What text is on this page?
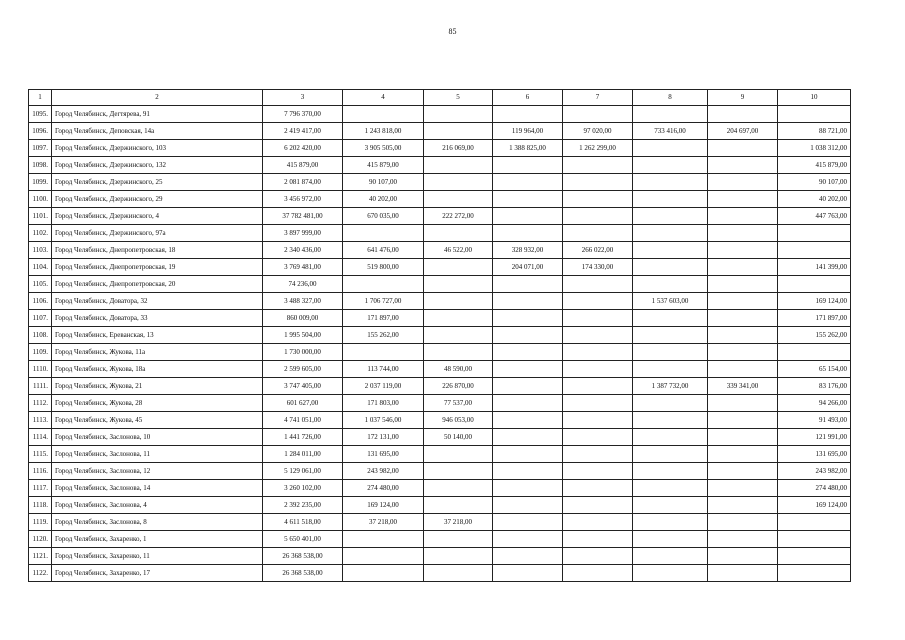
85
1	2	3	4	5	6	7	8	9	10
1095.	Город Челябинск, Дегтярева, 91	7 796 370,00							
1096.	Город Челябинск, Деповская, 14а	2 419 417,00	1 243 818,00		119 964,00	97 020,00	733 416,00	204 697,00	88 721,00
1097.	Город Челябинск, Дзержинского, 103	6 202 420,00	3 905 505,00	216 069,00	1 388 825,00	1 262 299,00			1 038 312,00
1098.	Город Челябинск, Дзержинского, 132	415 879,00	415 879,00						415 879,00
1099.	Город Челябинск, Дзержинского, 25	2 081 874,00	90 107,00						90 107,00
1100.	Город Челябинск, Дзержинского, 29	3 456 972,00	40 202,00						40 202,00
1101.	Город Челябинск, Дзержинского, 4	37 782 481,00	670 035,00	222 272,00					447 763,00
1102.	Город Челябинск, Дзержинского, 97а	3 897 999,00							
1103.	Город Челябинск, Днепропетровская, 18	2 340 436,00	641 476,00	46 522,00	328 932,00	266 022,00			
1104.	Город Челябинск, Днепропетровская, 19	3 769 481,00	519 800,00		204 071,00	174 330,00			141 399,00
1105.	Город Челябинск, Днепропетровская, 20	74 236,00							
1106.	Город Челябинск, Доватора, 32	3 488 327,00	1 706 727,00				1 537 603,00		169 124,00
1107.	Город Челябинск, Доватора, 33	860 009,00	171 897,00						171 897,00
1108.	Город Челябинск, Ереванская, 13	1 995 504,00	155 262,00						155 262,00
1109.	Город Челябинск, Жукова, 11а	1 730 000,00							
1110.	Город Челябинск, Жукова, 18а	2 599 605,00	113 744,00	48 590,00					65 154,00
1111.	Город Челябинск, Жукова, 21	3 747 405,00	2 037 119,00	226 870,00			1 387 732,00	339 341,00	83 176,00
1112.	Город Челябинск, Жукова, 28	601 627,00	171 803,00	77 537,00					94 266,00
1113.	Город Челябинск, Жукова, 45	4 741 051,00	1 037 546,00	946 053,00					91 493,00
1114.	Город Челябинск, Заслонова, 10	1 441 726,00	172 131,00	50 140,00					121 991,00
1115.	Город Челябинск, Заслонова, 11	1 284 011,00	131 695,00						131 695,00
1116.	Город Челябинск, Заслонова, 12	5 129 061,00	243 982,00						243 982,00
1117.	Город Челябинск, Заслонова, 14	3 260 102,00	274 480,00						274 480,00
1118.	Город Челябинск, Заслонова, 4	2 392 235,00	169 124,00						169 124,00
1119.	Город Челябинск, Заслонова, 8	4 611 518,00	37 218,00	37 218,00					
1120.	Город Челябинск, Захаренко, 1	5 650 401,00							
1121.	Город Челябинск, Захаренко, 11	26 368 538,00							
1122.	Город Челябинск, Захаренко, 17	26 368 538,00							
